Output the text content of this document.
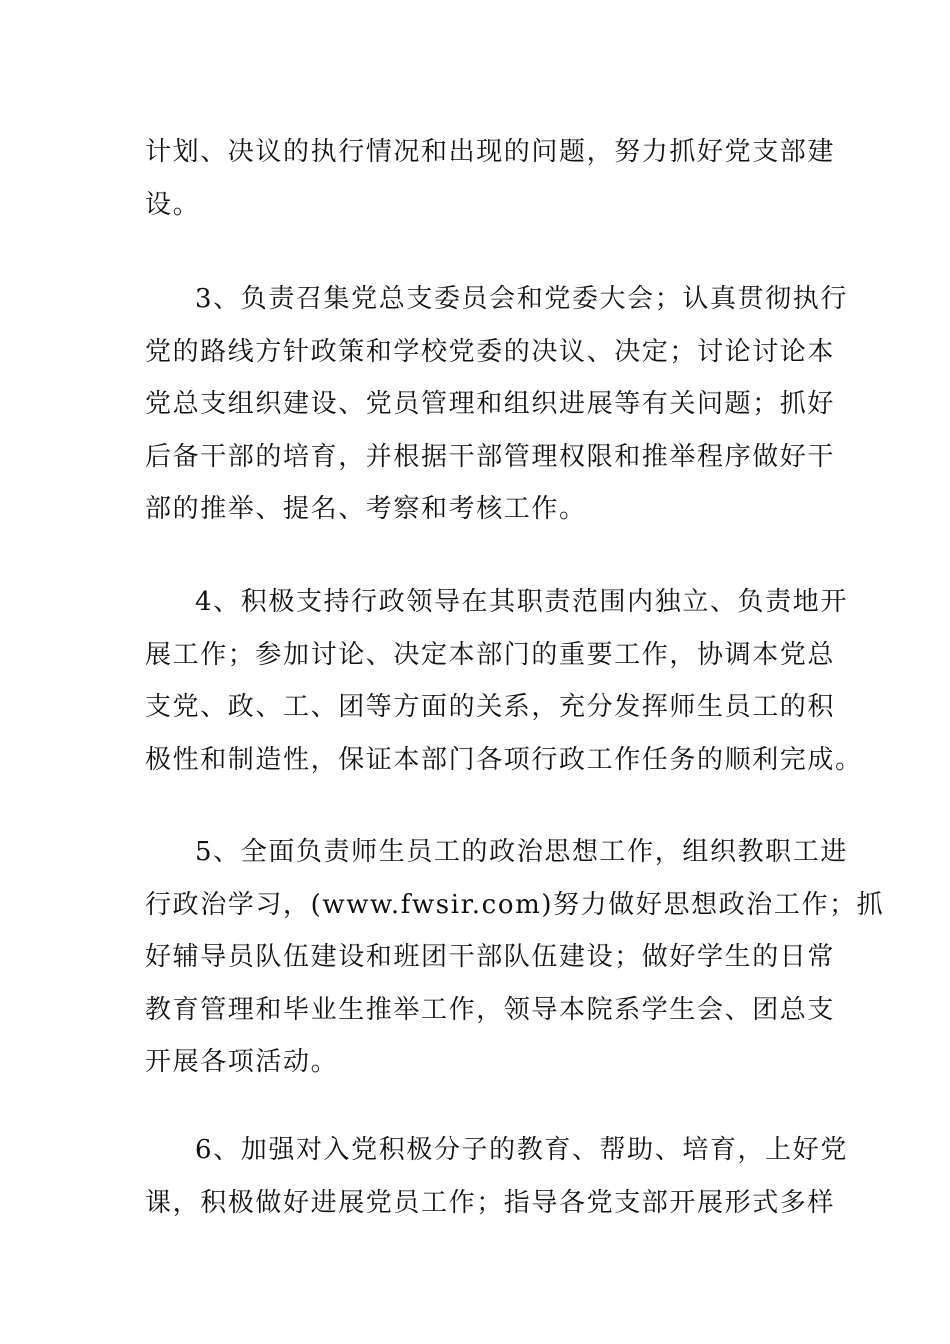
计划、决议的执行情况和出现的问题，努力抓好党支部建
设。
3、负责召集党总支委员会和党委大会；认真贯彻执行
党的路线方针政策和学校党委的决议、决定；讨论讨论本
党总支组织建设、党员管理和组织进展等有关问题；抓好
后备干部的培育，并根据干部管理权限和推举程序做好干
部的推举、提名、考察和考核工作。
4、积极支持行政领导在其职责范围内独立、负责地开
展工作；参加讨论、决定本部门的重要工作，协调本党总
支党、政、工、团等方面的关系，充分发挥师生员工的积
极性和制造性，保证本部门各项行政工作任务的顺利完成。
5、全面负责师生员工的政治思想工作，组织教职工进
行政治学习，(www.fwsir.com)努力做好思想政治工作；抓
好辅导员队伍建设和班团干部队伍建设；做好学生的日常
教育管理和毕业生推举工作，领导本院系学生会、团总支
开展各项活动。
6、加强对入党积极分子的教育、帮助、培育，上好党
课，积极做好进展党员工作；指导各党支部开展形式多样
